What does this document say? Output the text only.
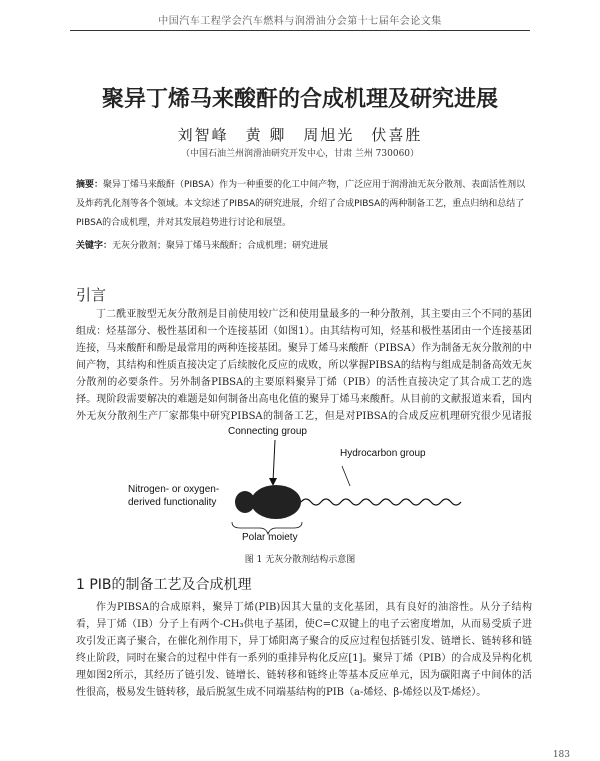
中国汽车工程学会汽车燃料与润滑油分会第十七届年会论文集
聚异丁烯马来酸酐的合成机理及研究进展
刘智峰　黄 卿　周旭光　伏喜胜
（中国石油兰州润滑油研究开发中心，甘肃 兰州 730060）
摘要：聚异丁烯马来酸酐（PIBSA）作为一种重要的化工中间产物，广泛应用于润滑油无灰分散剂、表面活性剂以及炸药乳化剂等各个领域。本文综述了PIBSA的研究进展，介绍了合成PIBSA的两种制备工艺，重点归纳和总结了PIBSA的合成机理，并对其发展趋势进行讨论和展望。
关键字：无灰分散剂；聚异丁烯马来酸酐；合成机理；研究进展
引言
丁二酰亚胺型无灰分散剂是目前使用较广泛和使用量最多的一种分散剂，其主要由三个不同的基团组成：烃基部分、极性基团和一个连接基团（如图1）。由其结构可知，烃基和极性基团由一个连接基团连接，马来酸酐和酚是最常用的两种连接基团。聚异丁烯马来酸酐（PIBSA）作为制备无灰分散剂的中间产物，其结构和性质直接决定了后续胺化反应的成败，所以掌握PIBSA的结构与组成是制备高效无灰分散剂的必要条件。另外制备PIBSA的主要原料聚异丁烯（PIB）的活性直接决定了其合成工艺的选择。现阶段需要解决的难题是如何制备出高电化值的聚异丁烯马来酸酐。从目前的文献报道来看，国内外无灰分散剂生产厂家都集中研究PIBSA的制备工艺，但是对PIBSA的合成反应机理研究很少见诸报
Connecting group
Hydrocarbon group
Nitrogen- or oxygen-
derived functionality
Polar moiety
图 1 无灰分散剂结构示意图
1 PIB的制备工艺及合成机理
作为PIBSA的合成原料，聚异丁烯(PIB)因其大量的支化基团，具有良好的油溶性。从分子结构看，异丁烯（IB）分子上有两个-CH₃供电子基团，使C=C双键上的电子云密度增加，从而易受质子进攻引发正离子聚合，在催化剂作用下，异丁烯阳离子聚合的反应过程包括链引发、链增长、链转移和链终止阶段，同时在聚合的过程中伴有一系列的重排异构化反应[1]。聚异丁烯（PIB）的合成及异构化机理如图2所示，其经历了链引发、链增长、链转移和链终止等基本反应单元，因为碳阳离子中间体的活性很高，极易发生链转移，最后脱氢生成不同端基结构的PIB（a-烯烃、β-烯烃以及T-烯烃）。
183
